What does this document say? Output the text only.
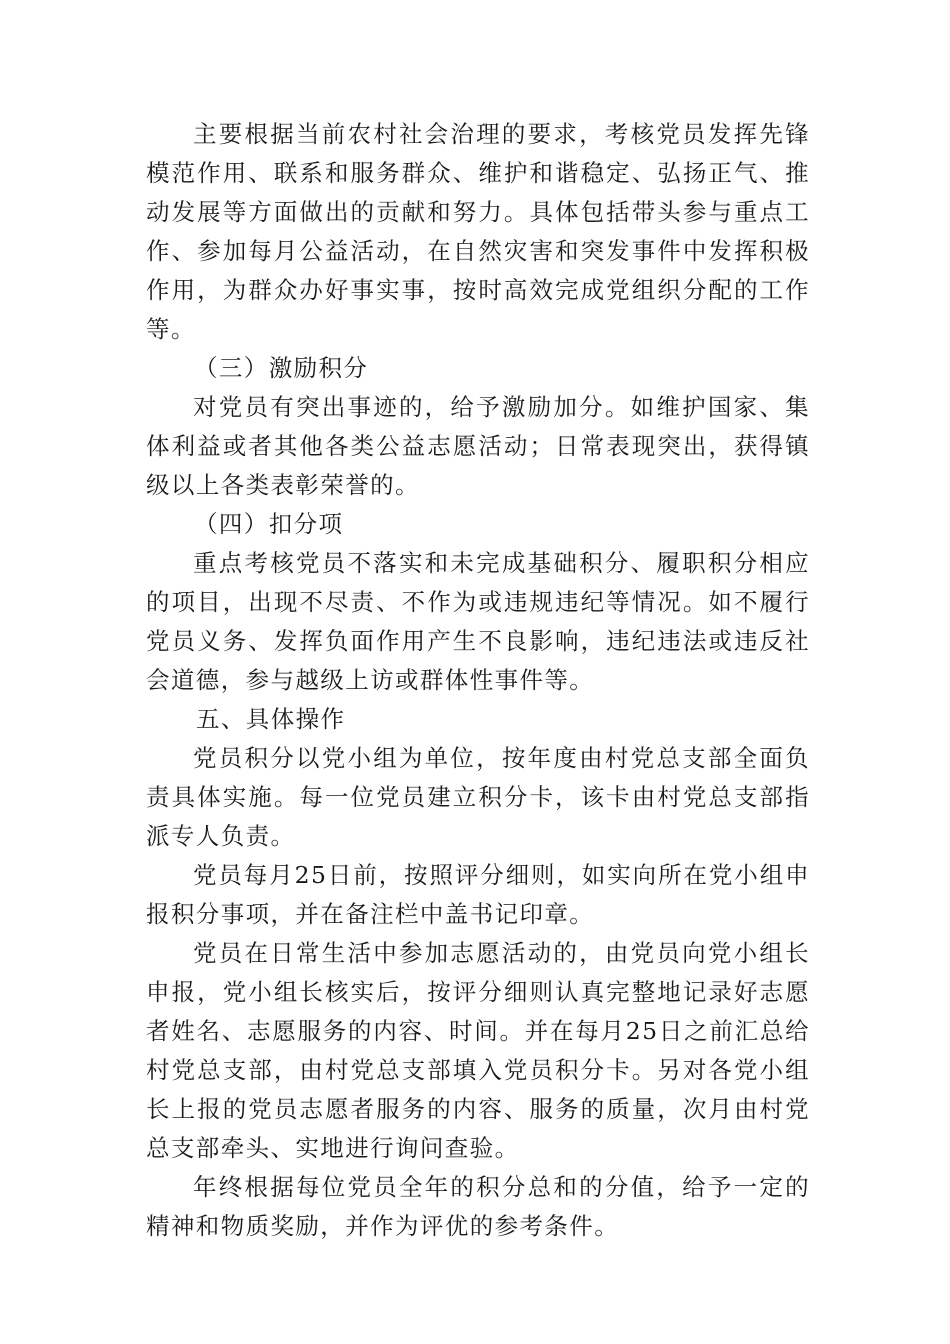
主要根据当前农村社会治理的要求，考核党员发挥先锋模范作用、联系和服务群众、维护和谐稳定、弘扬正气、推动发展等方面做出的贡献和努力。具体包括带头参与重点工作、参加每月公益活动，在自然灾害和突发事件中发挥积极作用，为群众办好事实事，按时高效完成党组织分配的工作等。

（三）激励积分

对党员有突出事迹的，给予激励加分。如维护国家、集体利益或者其他各类公益志愿活动；日常表现突出，获得镇级以上各类表彰荣誉的。

（四）扣分项

重点考核党员不落实和未完成基础积分、履职积分相应的项目，出现不尽责、不作为或违规违纪等情况。如不履行党员义务、发挥负面作用产生不良影响，违纪违法或违反社会道德，参与越级上访或群体性事件等。

五、具体操作

党员积分以党小组为单位，按年度由村党总支部全面负责具体实施。每一位党员建立积分卡，该卡由村党总支部指派专人负责。

党员每月25日前，按照评分细则，如实向所在党小组申报积分事项，并在备注栏中盖书记印章。

党员在日常生活中参加志愿活动的，由党员向党小组长申报，党小组长核实后，按评分细则认真完整地记录好志愿者姓名、志愿服务的内容、时间。并在每月25日之前汇总给村党总支部，由村党总支部填入党员积分卡。另对各党小组长上报的党员志愿者服务的内容、服务的质量，次月由村党总支部牵头、实地进行询问查验。

年终根据每位党员全年的积分总和的分值，给予一定的精神和物质奖励，并作为评优的参考条件。
